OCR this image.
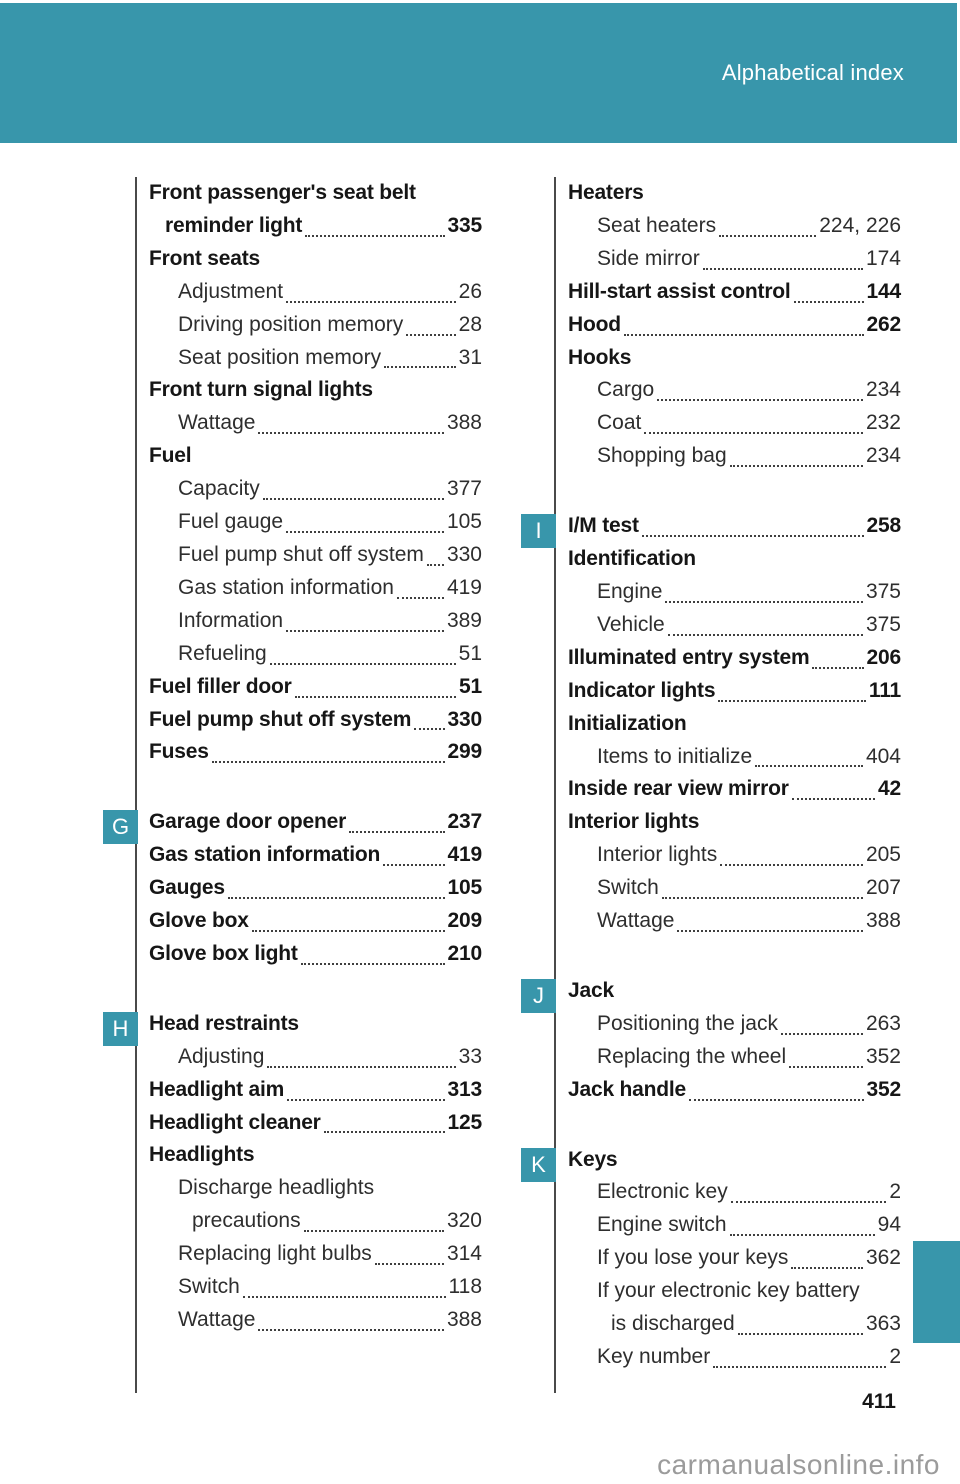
Alphabetical index
Front passenger's seat belt
reminder light	335
Front seats
Adjustment	26
Driving position memory	28
Seat position memory	31
Front turn signal lights
Wattage	388
Fuel
Capacity	377
Fuel gauge	105
Fuel pump shut off system 330
Gas station information	419
Information	389
Refueling	51
Fuel filler door	51
Fuel pump shut off system 330
Fuses	299
G Garage door opener	237
Gas station information	419
Gauges	105
Glove box	209
Glove box light	210
H Head restraints
Adjusting	33
Headlight aim	313
Headlight cleaner	125
Headlights
Discharge headlights
precautions	320
Replacing light bulbs	314
Switch	118
Wattage	388
Heaters
Seat heaters	224, 226
Side mirror	174
Hill-start assist control	144
Hood	262
Hooks
Cargo	234
Coat	232
Shopping bag	234
I	I/M test	258
Identification
Engine	375
Vehicle	375
Illuminated entry system	206
Indicator lights	111
Initialization
Items to initialize	404
Inside rear view mirror	42
Interior lights
Interior lights	205
Switch	207
Wattage	388
J	Jack
Positioning the jack	263
Replacing the wheel	352
Jack handle	352
K	Keys
Electronic key	2
Engine switch	94
If you lose your keys	362
If your electronic key battery
is discharged	363
Key number	2
411
carmanualsonline.info
